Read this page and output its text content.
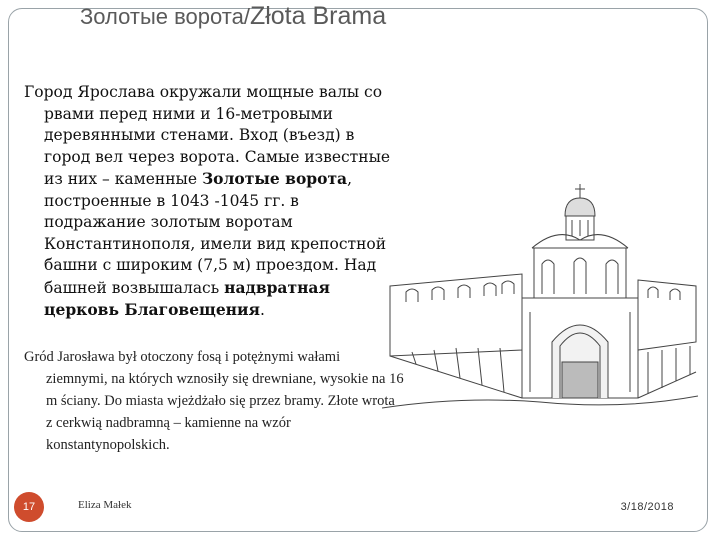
Золотые ворота/Złota Brama

Город Ярослава окружали мощные валы со рвами перед ними и 16-метровыми деревянными стенами. Вход (въезд) в город вел через ворота. Самые известные из них – каменные Золотые ворота, построенные в 1043 -1045 гг. в подражание золотым воротам Константинополя, имели вид крепостной башни с широким (7,5 м) проездом. Над башней возвышалась надвратная церковь Благовещения.

Gród Jarosława był otoczony fosą i potężnymi wałami ziemnymi, na których wznosiły się drewniane, wysokie na 16 m ściany. Do miasta wjeżdżało się przez bramy. Złote wrota z cerkwią nadbramną – kamienne na wzór konstantynopolskich.

17	Eliza Małek	3/18/2018
